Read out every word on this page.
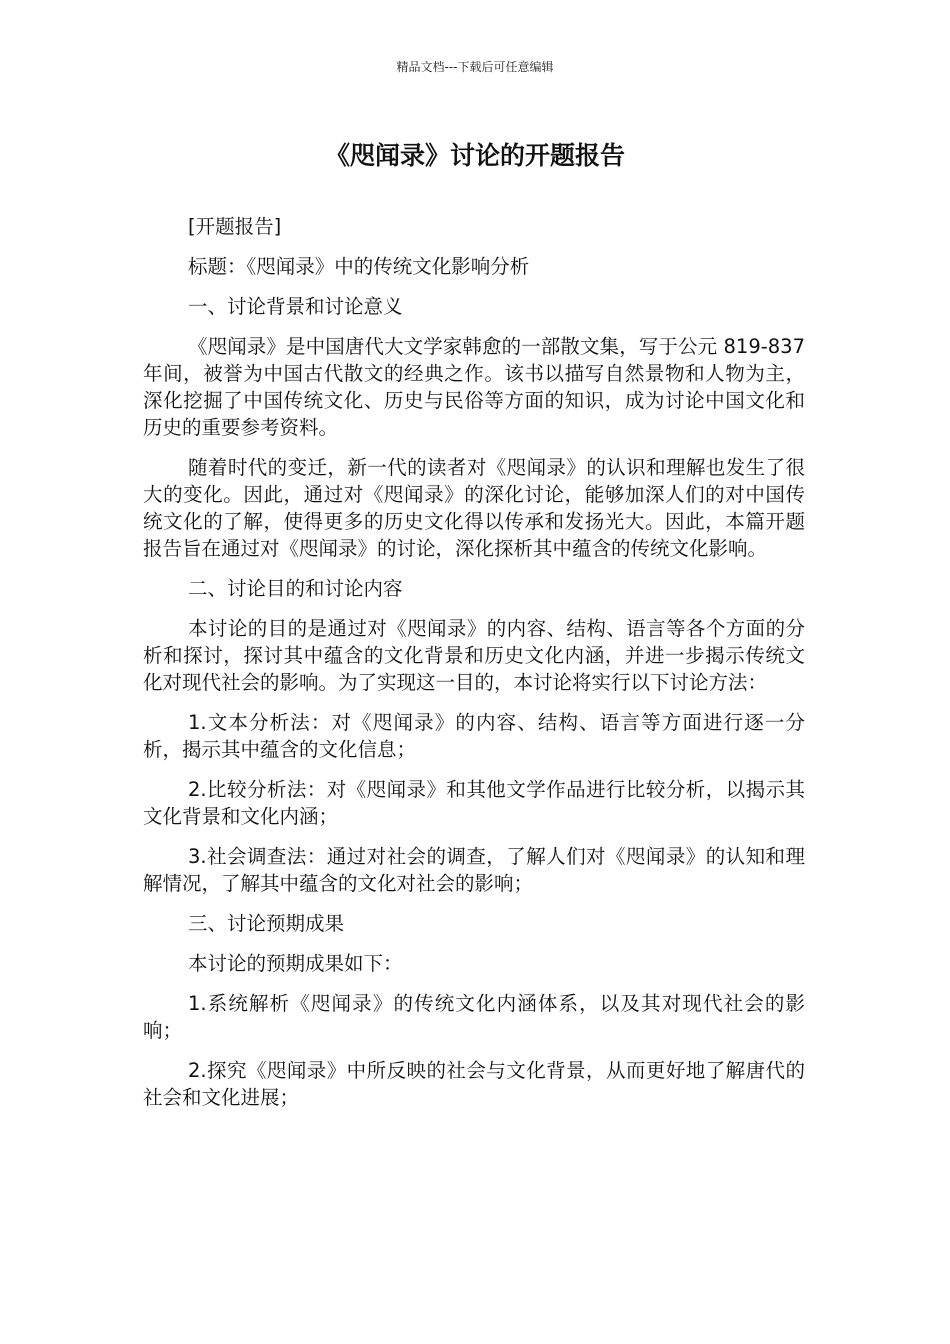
精品文档---下载后可任意编辑
《咫闻录》讨论的开题报告

[开题报告]

标题：《咫闻录》中的传统文化影响分析

一、讨论背景和讨论意义

《咫闻录》是中国唐代大文学家韩愈的一部散文集，写于公元 819-837 年间，被誉为中国古代散文的经典之作。该书以描写自然景物和人物为主，深化挖掘了中国传统文化、历史与民俗等方面的知识，成为讨论中国文化和历史的重要参考资料。

随着时代的变迁，新一代的读者对《咫闻录》的认识和理解也发生了很大的变化。因此，通过对《咫闻录》的深化讨论，能够加深人们的对中国传统文化的了解，使得更多的历史文化得以传承和发扬光大。因此，本篇开题报告旨在通过对《咫闻录》的讨论，深化探析其中蕴含的传统文化影响。

二、讨论目的和讨论内容

本讨论的目的是通过对《咫闻录》的内容、结构、语言等各个方面的分析和探讨，探讨其中蕴含的文化背景和历史文化内涵，并进一步揭示传统文化对现代社会的影响。为了实现这一目的，本讨论将实行以下讨论方法：

1.文本分析法：对《咫闻录》的内容、结构、语言等方面进行逐一分析，揭示其中蕴含的文化信息；

2.比较分析法：对《咫闻录》和其他文学作品进行比较分析，以揭示其文化背景和文化内涵；

3.社会调查法：通过对社会的调查，了解人们对《咫闻录》的认知和理解情况，了解其中蕴含的文化对社会的影响；

三、讨论预期成果

本讨论的预期成果如下：

1.系统解析《咫闻录》的传统文化内涵体系，以及其对现代社会的影响；

2.探究《咫闻录》中所反映的社会与文化背景，从而更好地了解唐代的社会和文化进展；
